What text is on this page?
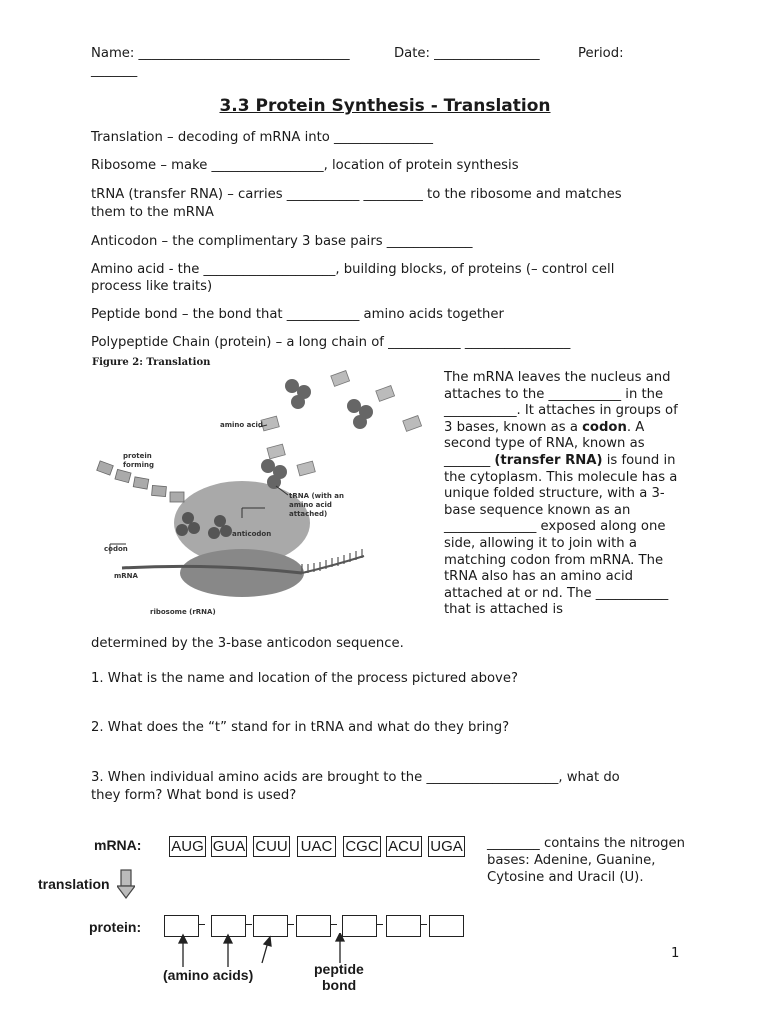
Name: ________________________________	Date: ________________	Period:
_______
3.3 Protein Synthesis - Translation
Translation – decoding of mRNA into _______________
Ribosome – make _________________, location of protein synthesis
tRNA (transfer RNA) – carries ___________ _________ to the ribosome and matches
them to the mRNA
Anticodon – the complimentary 3 base pairs _____________
Amino acid - the ____________________, building blocks, of proteins (– control cell
process like traits)
Peptide bond – the bond that ___________ amino acids together
Polypeptide Chain (protein) – a long chain of ___________ ________________
Figure 2: Translation
amino acid
protein
forming
tRNA (with an
amino acid
attached)
anticodon
codon
mRNA
ribosome (rRNA)
The mRNA leaves the nucleus and attaches to the ___________ in the ___________. It attaches in groups of 3 bases, known as a codon. A second type of RNA, known as _______ (transfer RNA) is found in the cytoplasm. This molecule has a unique folded structure, with a 3-base sequence known as an ______________ exposed along one side, allowing it to join with a matching codon from mRNA. The tRNA also has an amino acid attached at or nd. The ___________ that is attached is
determined by the 3-base anticodon sequence.
1. What is the name and location of the process pictured above?
2. What does the “t” stand for in tRNA and what do they bring?
3. When individual amino acids are brought to the ____________________, what do
they form? What bond is used?
mRNA: AUG GUA CUU UAC CGC ACU UGA
translation
protein:
(amino acids)	peptide
bond
________ contains the nitrogen bases: Adenine, Guanine, Cytosine and Uracil (U).
1
